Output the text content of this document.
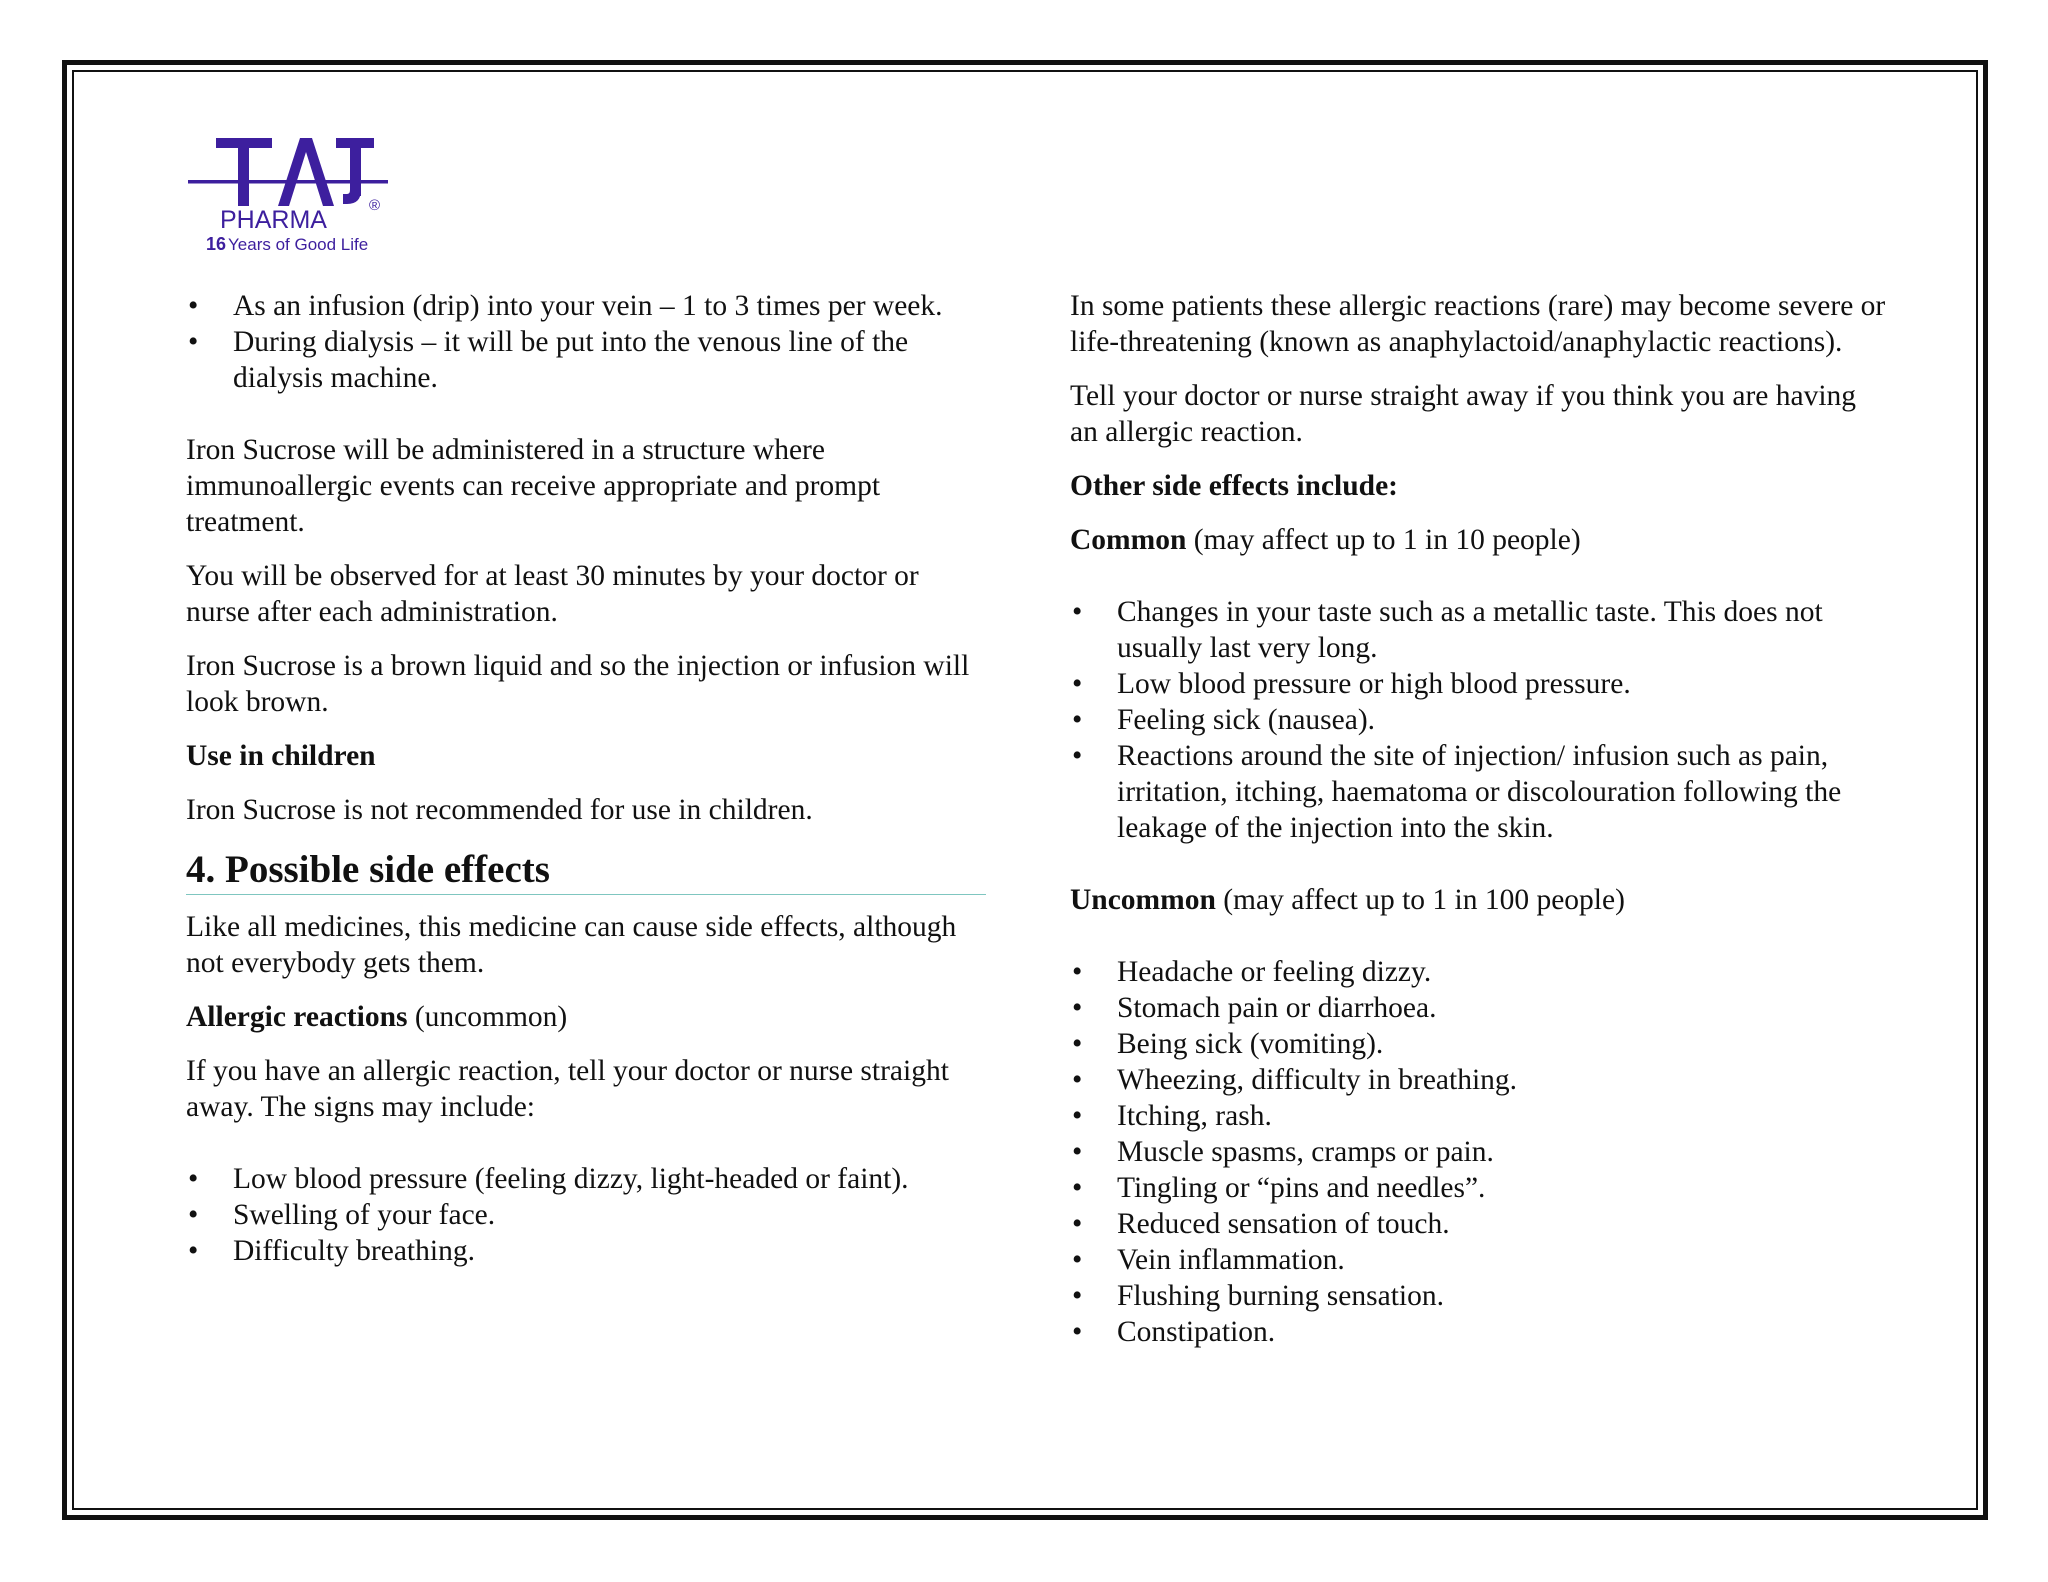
PHARMA
®
16 Years of Good Life
• As an infusion (drip) into your vein – 1 to 3 times per week.
• During dialysis – it will be put into the venous line of the dialysis machine.

Iron Sucrose will be administered in a structure where immunoallergic events can receive appropriate and prompt treatment.

You will be observed for at least 30 minutes by your doctor or nurse after each administration.

Iron Sucrose is a brown liquid and so the injection or infusion will look brown.

Use in children

Iron Sucrose is not recommended for use in children.

4. Possible side effects

Like all medicines, this medicine can cause side effects, although not everybody gets them.

Allergic reactions (uncommon)

If you have an allergic reaction, tell your doctor or nurse straight away. The signs may include:

• Low blood pressure (feeling dizzy, light-headed or faint).
• Swelling of your face.
• Difficulty breathing.

In some patients these allergic reactions (rare) may become severe or life-threatening (known as anaphylactoid/anaphylactic reactions).

Tell your doctor or nurse straight away if you think you are having an allergic reaction.

Other side effects include:

Common (may affect up to 1 in 10 people)

• Changes in your taste such as a metallic taste. This does not usually last very long.
• Low blood pressure or high blood pressure.
• Feeling sick (nausea).
• Reactions around the site of injection/ infusion such as pain, irritation, itching, haematoma or discolouration following the leakage of the injection into the skin.

Uncommon (may affect up to 1 in 100 people)

• Headache or feeling dizzy.
• Stomach pain or diarrhoea.
• Being sick (vomiting).
• Wheezing, difficulty in breathing.
• Itching, rash.
• Muscle spasms, cramps or pain.
• Tingling or “pins and needles”.
• Reduced sensation of touch.
• Vein inflammation.
• Flushing burning sensation.
• Constipation.
